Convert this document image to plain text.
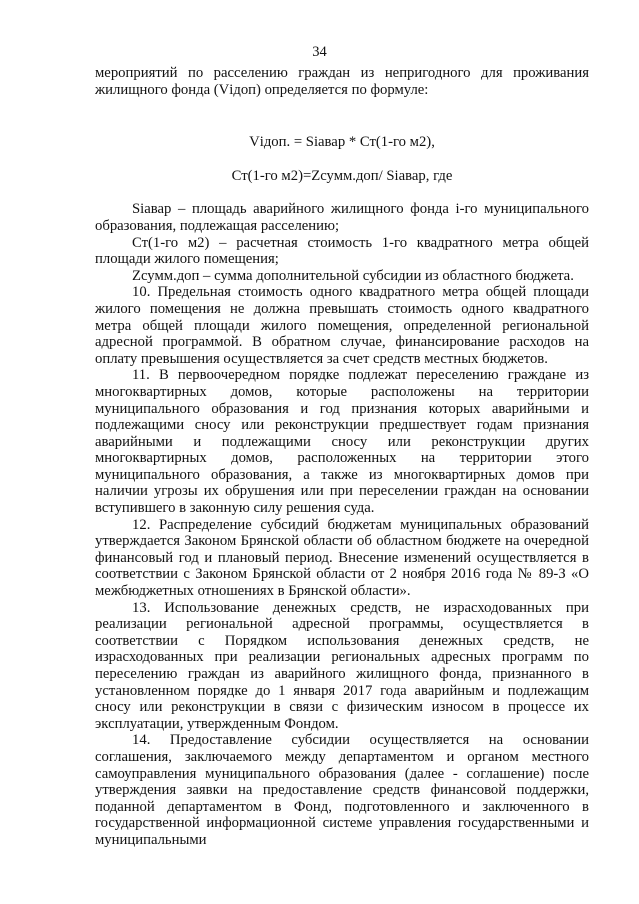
34

мероприятий по расселению граждан из непригодного для проживания жилищного фонда (Vідоп) определяется по формуле:

Vідоп. = Sіавар * Ст(1-го м2),

Ст(1-го м2)=Zсумм.доп/ Sіавар, где

Sіавар – площадь аварийного жилищного фонда і-го муниципального образования, подлежащая расселению;

Ст(1-го м2) – расчетная стоимость 1-го квадратного метра общей площади жилого помещения;

Zсумм.доп – сумма дополнительной субсидии из областного бюджета.

10. Предельная стоимость одного квадратного метра общей площади жилого помещения не должна превышать стоимость одного квадратного метра общей площади жилого помещения, определенной региональной адресной программой. В обратном случае, финансирование расходов на оплату превышения осуществляется за счет средств местных бюджетов.

11. В первоочередном порядке подлежат переселению граждане из многоквартирных домов, которые расположены на территории муниципального образования и год признания которых аварийными и подлежащими сносу или реконструкции предшествует годам признания аварийными и подлежащими сносу или реконструкции других многоквартирных домов, расположенных на территории этого муниципального образования, а также из многоквартирных домов при наличии угрозы их обрушения или при переселении граждан на основании вступившего в законную силу решения суда.

12. Распределение субсидий бюджетам муниципальных образований утверждается Законом Брянской области об областном бюджете на очередной финансовый год и плановый период. Внесение изменений осуществляется в соответствии с Законом Брянской области от 2 ноября 2016 года № 89-З «О межбюджетных отношениях в Брянской области».

13. Использование денежных средств, не израсходованных при реализации региональной адресной программы, осуществляется в соответствии с Порядком использования денежных средств, не израсходованных при реализации региональных адресных программ по переселению граждан из аварийного жилищного фонда, признанного в установленном порядке до 1 января 2017 года аварийным и подлежащим сносу или реконструкции в связи с физическим износом в процессе их эксплуатации, утвержденным Фондом.

14. Предоставление субсидии осуществляется на основании соглашения, заключаемого между департаментом и органом местного самоуправления муниципального образования (далее - соглашение) после утверждения заявки на предоставление средств финансовой поддержки, поданной департаментом в Фонд, подготовленного и заключенного в государственной информационной системе управления государственными и муниципальными
